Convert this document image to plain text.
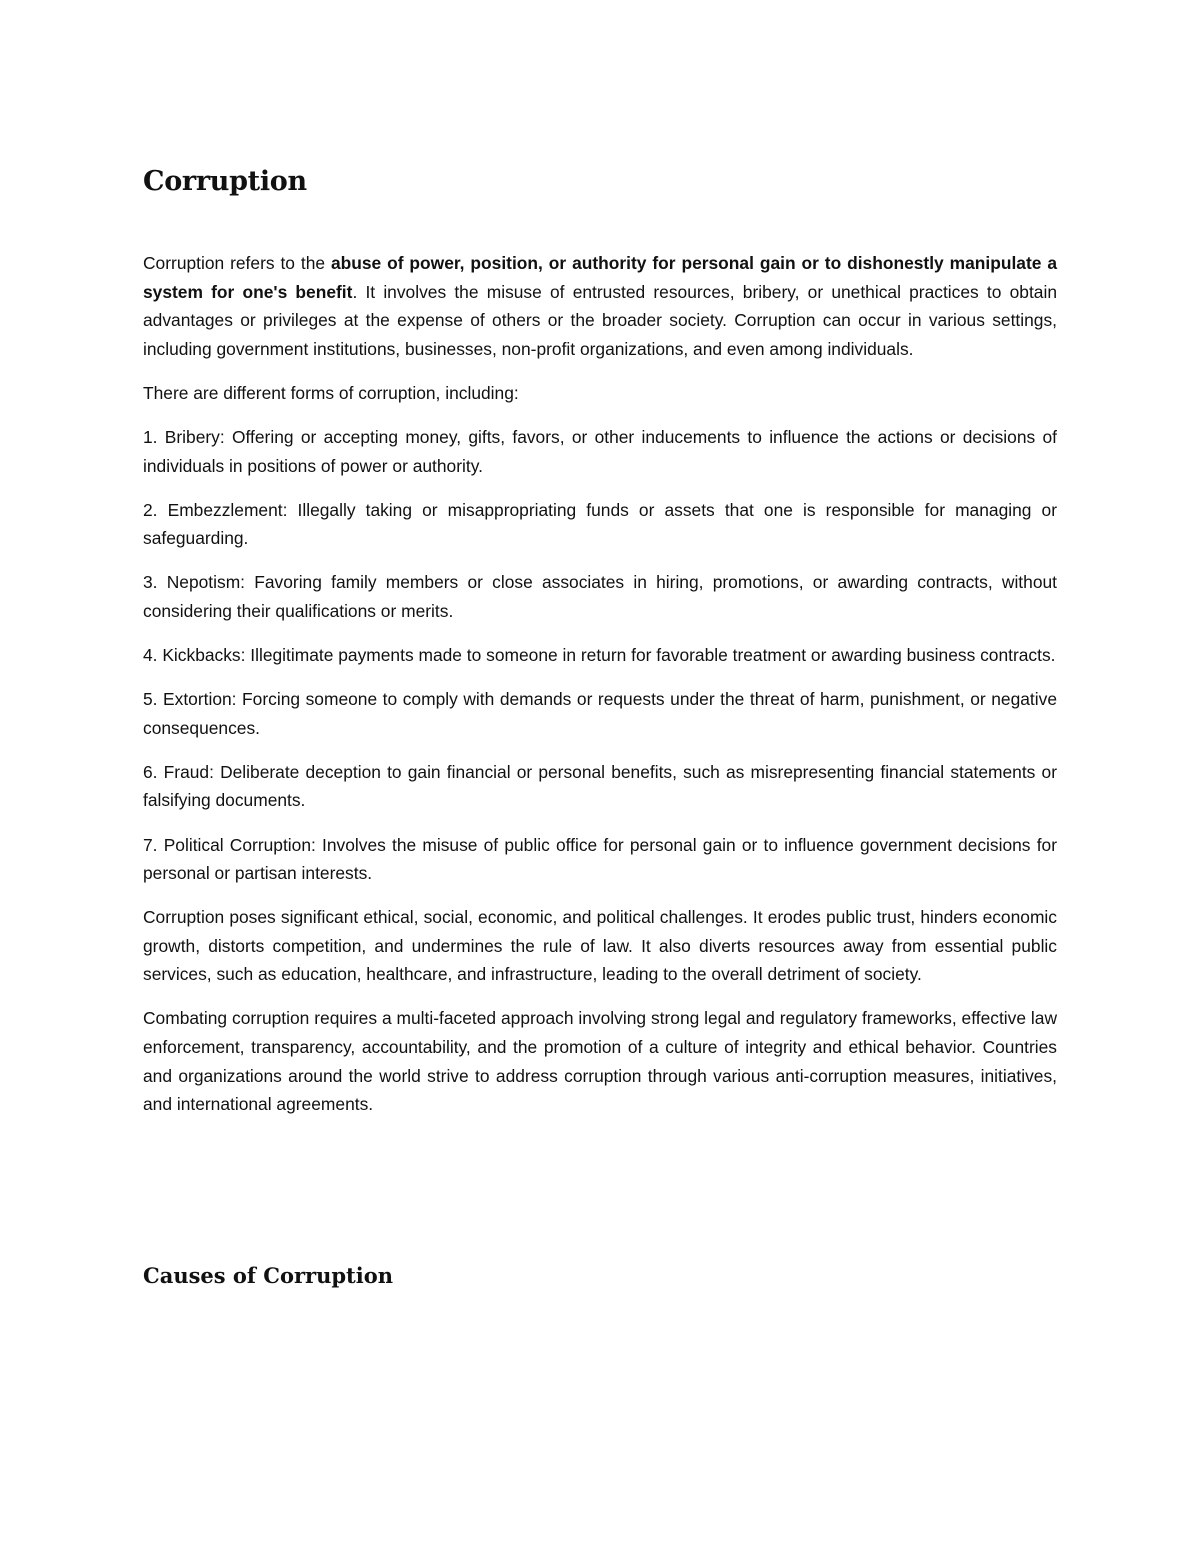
Corruption

Corruption refers to the abuse of power, position, or authority for personal gain or to dishonestly manipulate a system for one's benefit. It involves the misuse of entrusted resources, bribery, or unethical practices to obtain advantages or privileges at the expense of others or the broader society. Corruption can occur in various settings, including government institutions, businesses, non-profit organizations, and even among individuals.

There are different forms of corruption, including:

1. Bribery: Offering or accepting money, gifts, favors, or other inducements to influence the actions or decisions of individuals in positions of power or authority.

2. Embezzlement: Illegally taking or misappropriating funds or assets that one is responsible for managing or safeguarding.

3. Nepotism: Favoring family members or close associates in hiring, promotions, or awarding contracts, without considering their qualifications or merits.

4. Kickbacks: Illegitimate payments made to someone in return for favorable treatment or awarding business contracts.

5. Extortion: Forcing someone to comply with demands or requests under the threat of harm, punishment, or negative consequences.

6. Fraud: Deliberate deception to gain financial or personal benefits, such as misrepresenting financial statements or falsifying documents.

7. Political Corruption: Involves the misuse of public office for personal gain or to influence government decisions for personal or partisan interests.

Corruption poses significant ethical, social, economic, and political challenges. It erodes public trust, hinders economic growth, distorts competition, and undermines the rule of law. It also diverts resources away from essential public services, such as education, healthcare, and infrastructure, leading to the overall detriment of society.

Combating corruption requires a multi-faceted approach involving strong legal and regulatory frameworks, effective law enforcement, transparency, accountability, and the promotion of a culture of integrity and ethical behavior. Countries and organizations around the world strive to address corruption through various anti-corruption measures, initiatives, and international agreements.

Causes of Corruption
